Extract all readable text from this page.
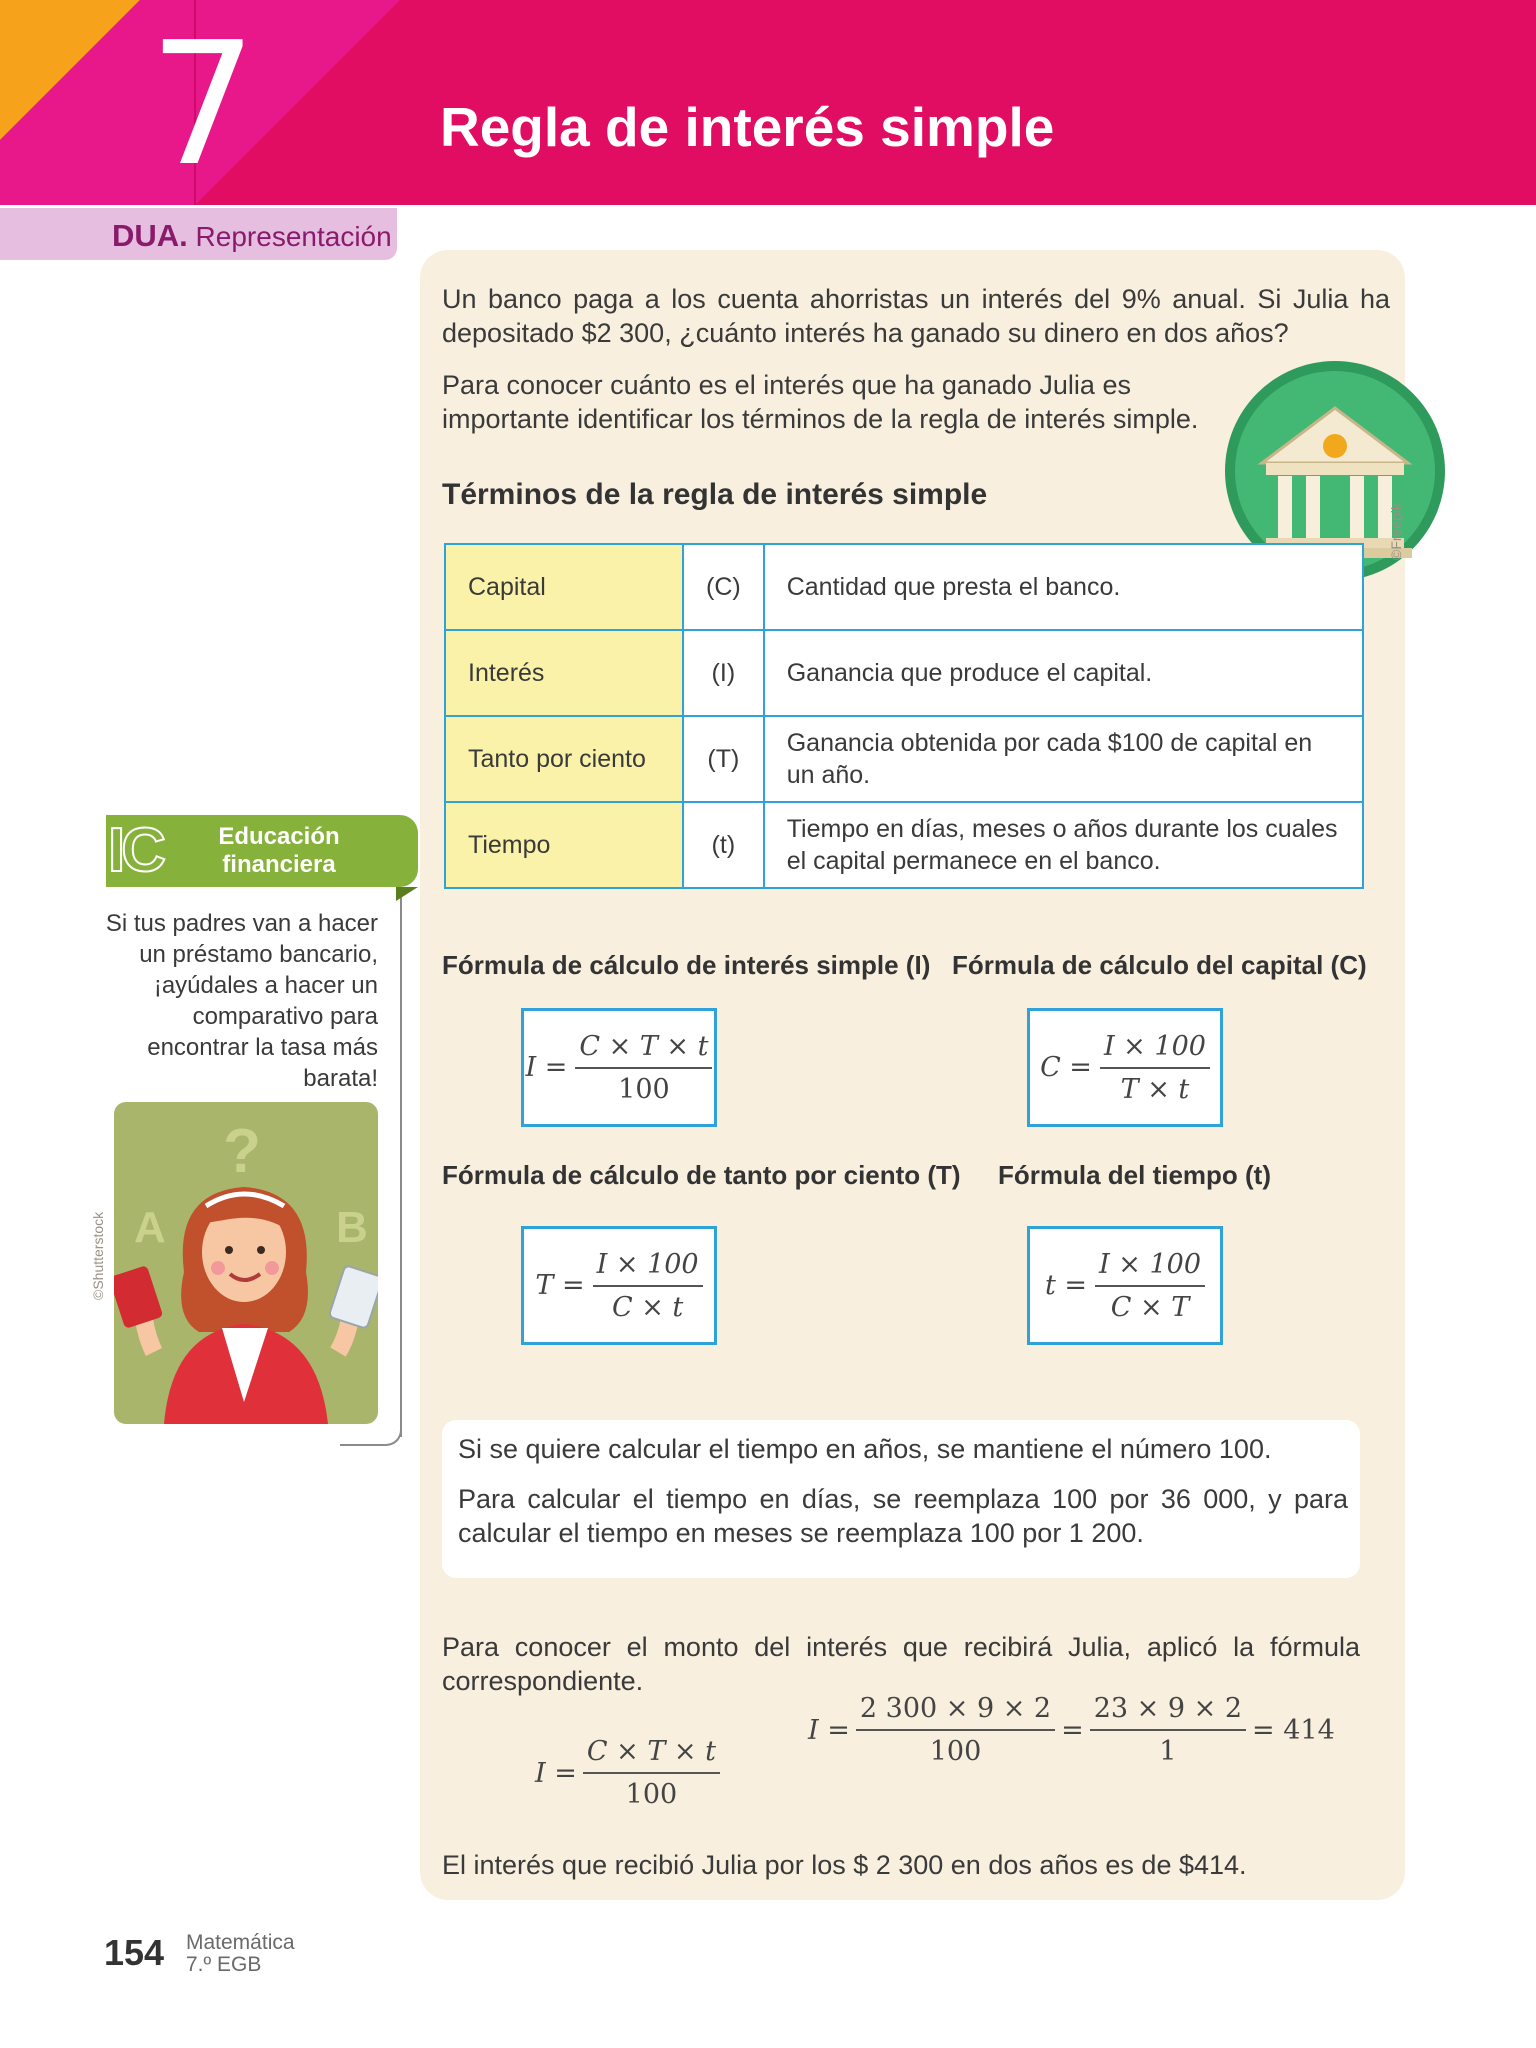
7	Regla de interés simple
DUA. Representación
Un banco paga a los cuenta ahorristas un interés del 9% anual. Si Julia ha depositado $2 300, ¿cuánto interés ha ganado su dinero en dos años?
Para conocer cuánto es el interés que ha ganado Julia es importante identificar los términos de la regla de interés simple.
©Freepik
Términos de la regla de interés simple
Capital	(C)	Cantidad que presta el banco.
Interés	(I)	Ganancia que produce el capital.
Tanto por ciento	(T)	Ganancia obtenida por cada $100 de capital en un año.
Tiempo	(t)	Tiempo en días, meses o años durante los cuales el capital permanece en el banco.
Fórmula de cálculo de interés simple (I) Fórmula de cálculo del capital (C)
Fórmula de cálculo de tanto por ciento (T) Fórmula del tiempo (t)
$I = \frac{C \times T \times t}{100}$	$C = \frac{I \times 100}{T \times t}$
$T = \frac{I \times 100}{C \times t}$	$t = \frac{I \times 100}{C \times T}$
Si se quiere calcular el tiempo en años, se mantiene el número 100.
Para calcular el tiempo en días, se reemplaza 100 por 36 000, y para calcular el tiempo en meses se reemplaza 100 por 1 200.
Para conocer el monto del interés que recibirá Julia, aplicó la fórmula correspondiente.
$I = \frac{C \times T \times t}{100}$
$I = \frac{2 300 \times 9 \times 2}{100} = \frac{23 \times 9 \times 2}{1} = 414$
El interés que recibió Julia por los $ 2 300 en dos años es de $414.
IC	Educación financiera
Si tus padres van a hacer un préstamo bancario, ¡ayúdales a hacer un comparativo para encontrar la tasa más barata!
?
A	B
©Shutterstock
154 Matemática
7.º EGB
